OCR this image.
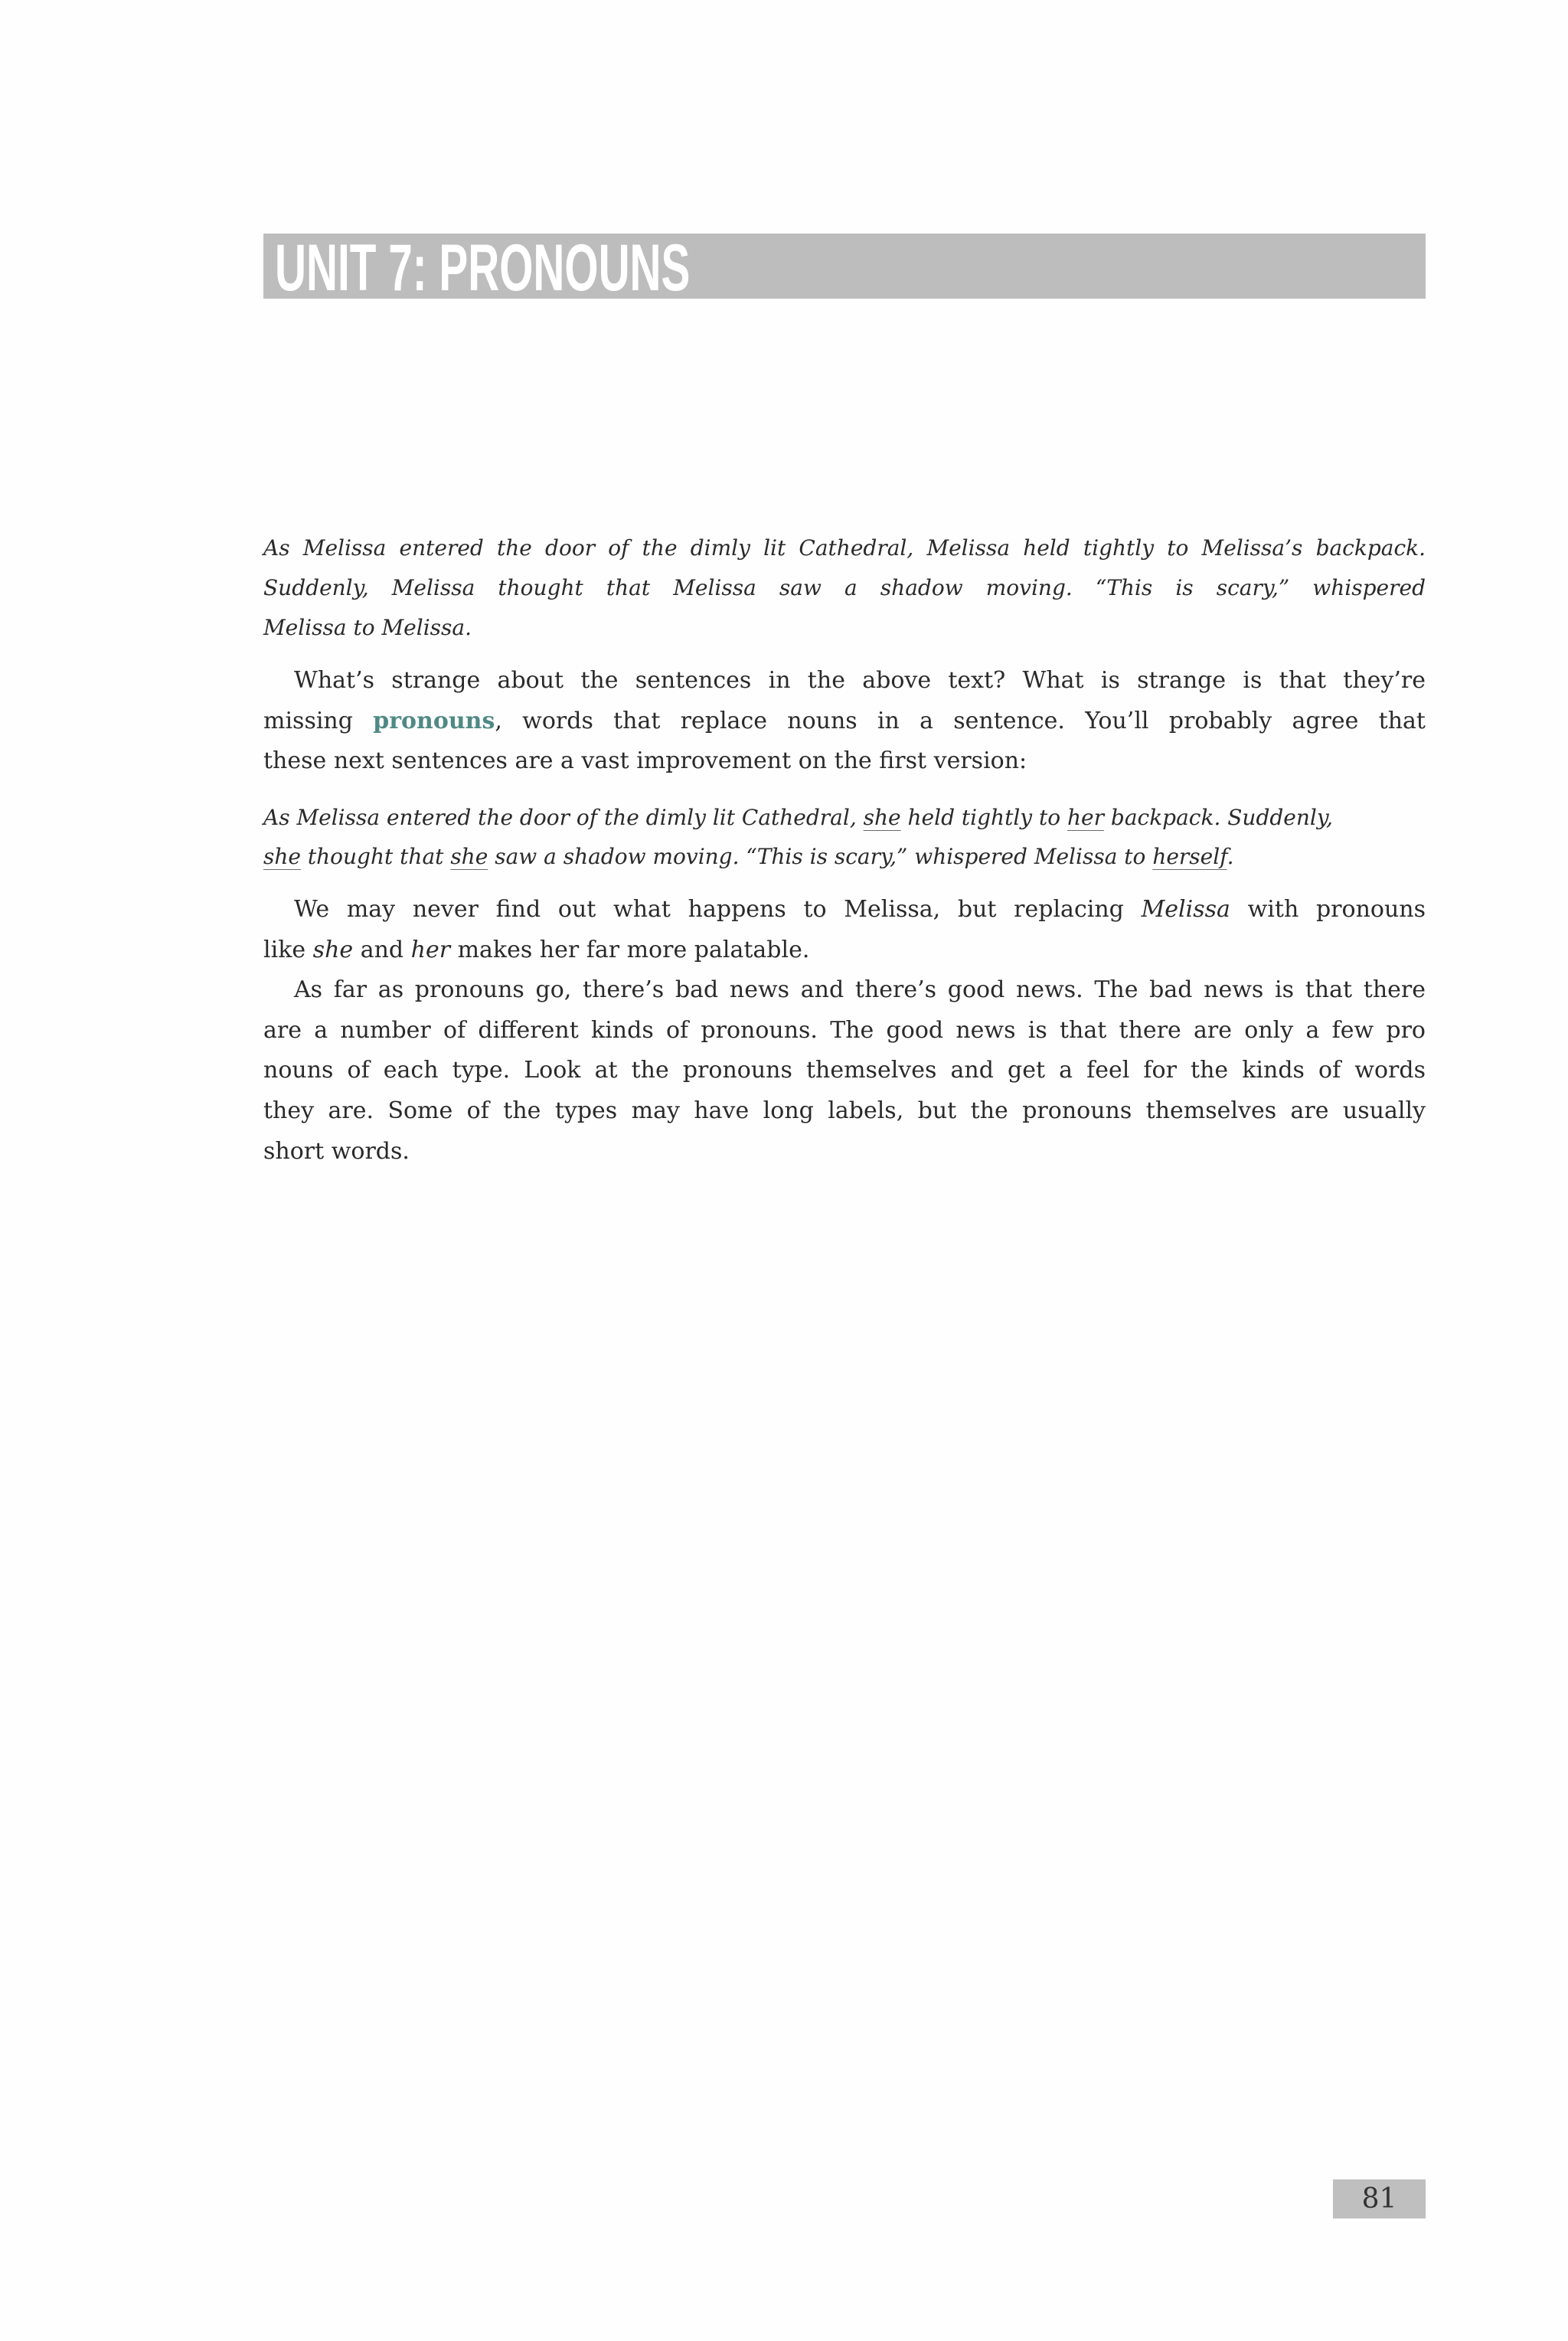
UNIT 7: PRONOUNS
As Melissa entered the door of the dimly lit Cathedral, Melissa held tightly to Melissa’s backpack.
Suddenly, Melissa thought that Melissa saw a shadow moving. “This is scary,” whispered
Melissa to Melissa.
What’s strange about the sentences in the above text? What is strange is that they’re
missing pronouns, words that replace nouns in a sentence. You’ll probably agree that
these next sentences are a vast improvement on the first version:
As Melissa entered the door of the dimly lit Cathedral, she held tightly to her backpack. Suddenly,
she thought that she saw a shadow moving. “This is scary,” whispered Melissa to herself.
We may never find out what happens to Melissa, but replacing Melissa with pronouns
like she and her makes her far more palatable.
As far as pronouns go, there’s bad news and there’s good news. The bad news is that there
are a number of different kinds of pronouns. The good news is that there are only a few pro
nouns of each type. Look at the pronouns themselves and get a feel for the kinds of words
they are. Some of the types may have long labels, but the pronouns themselves are usually
short words.
81
